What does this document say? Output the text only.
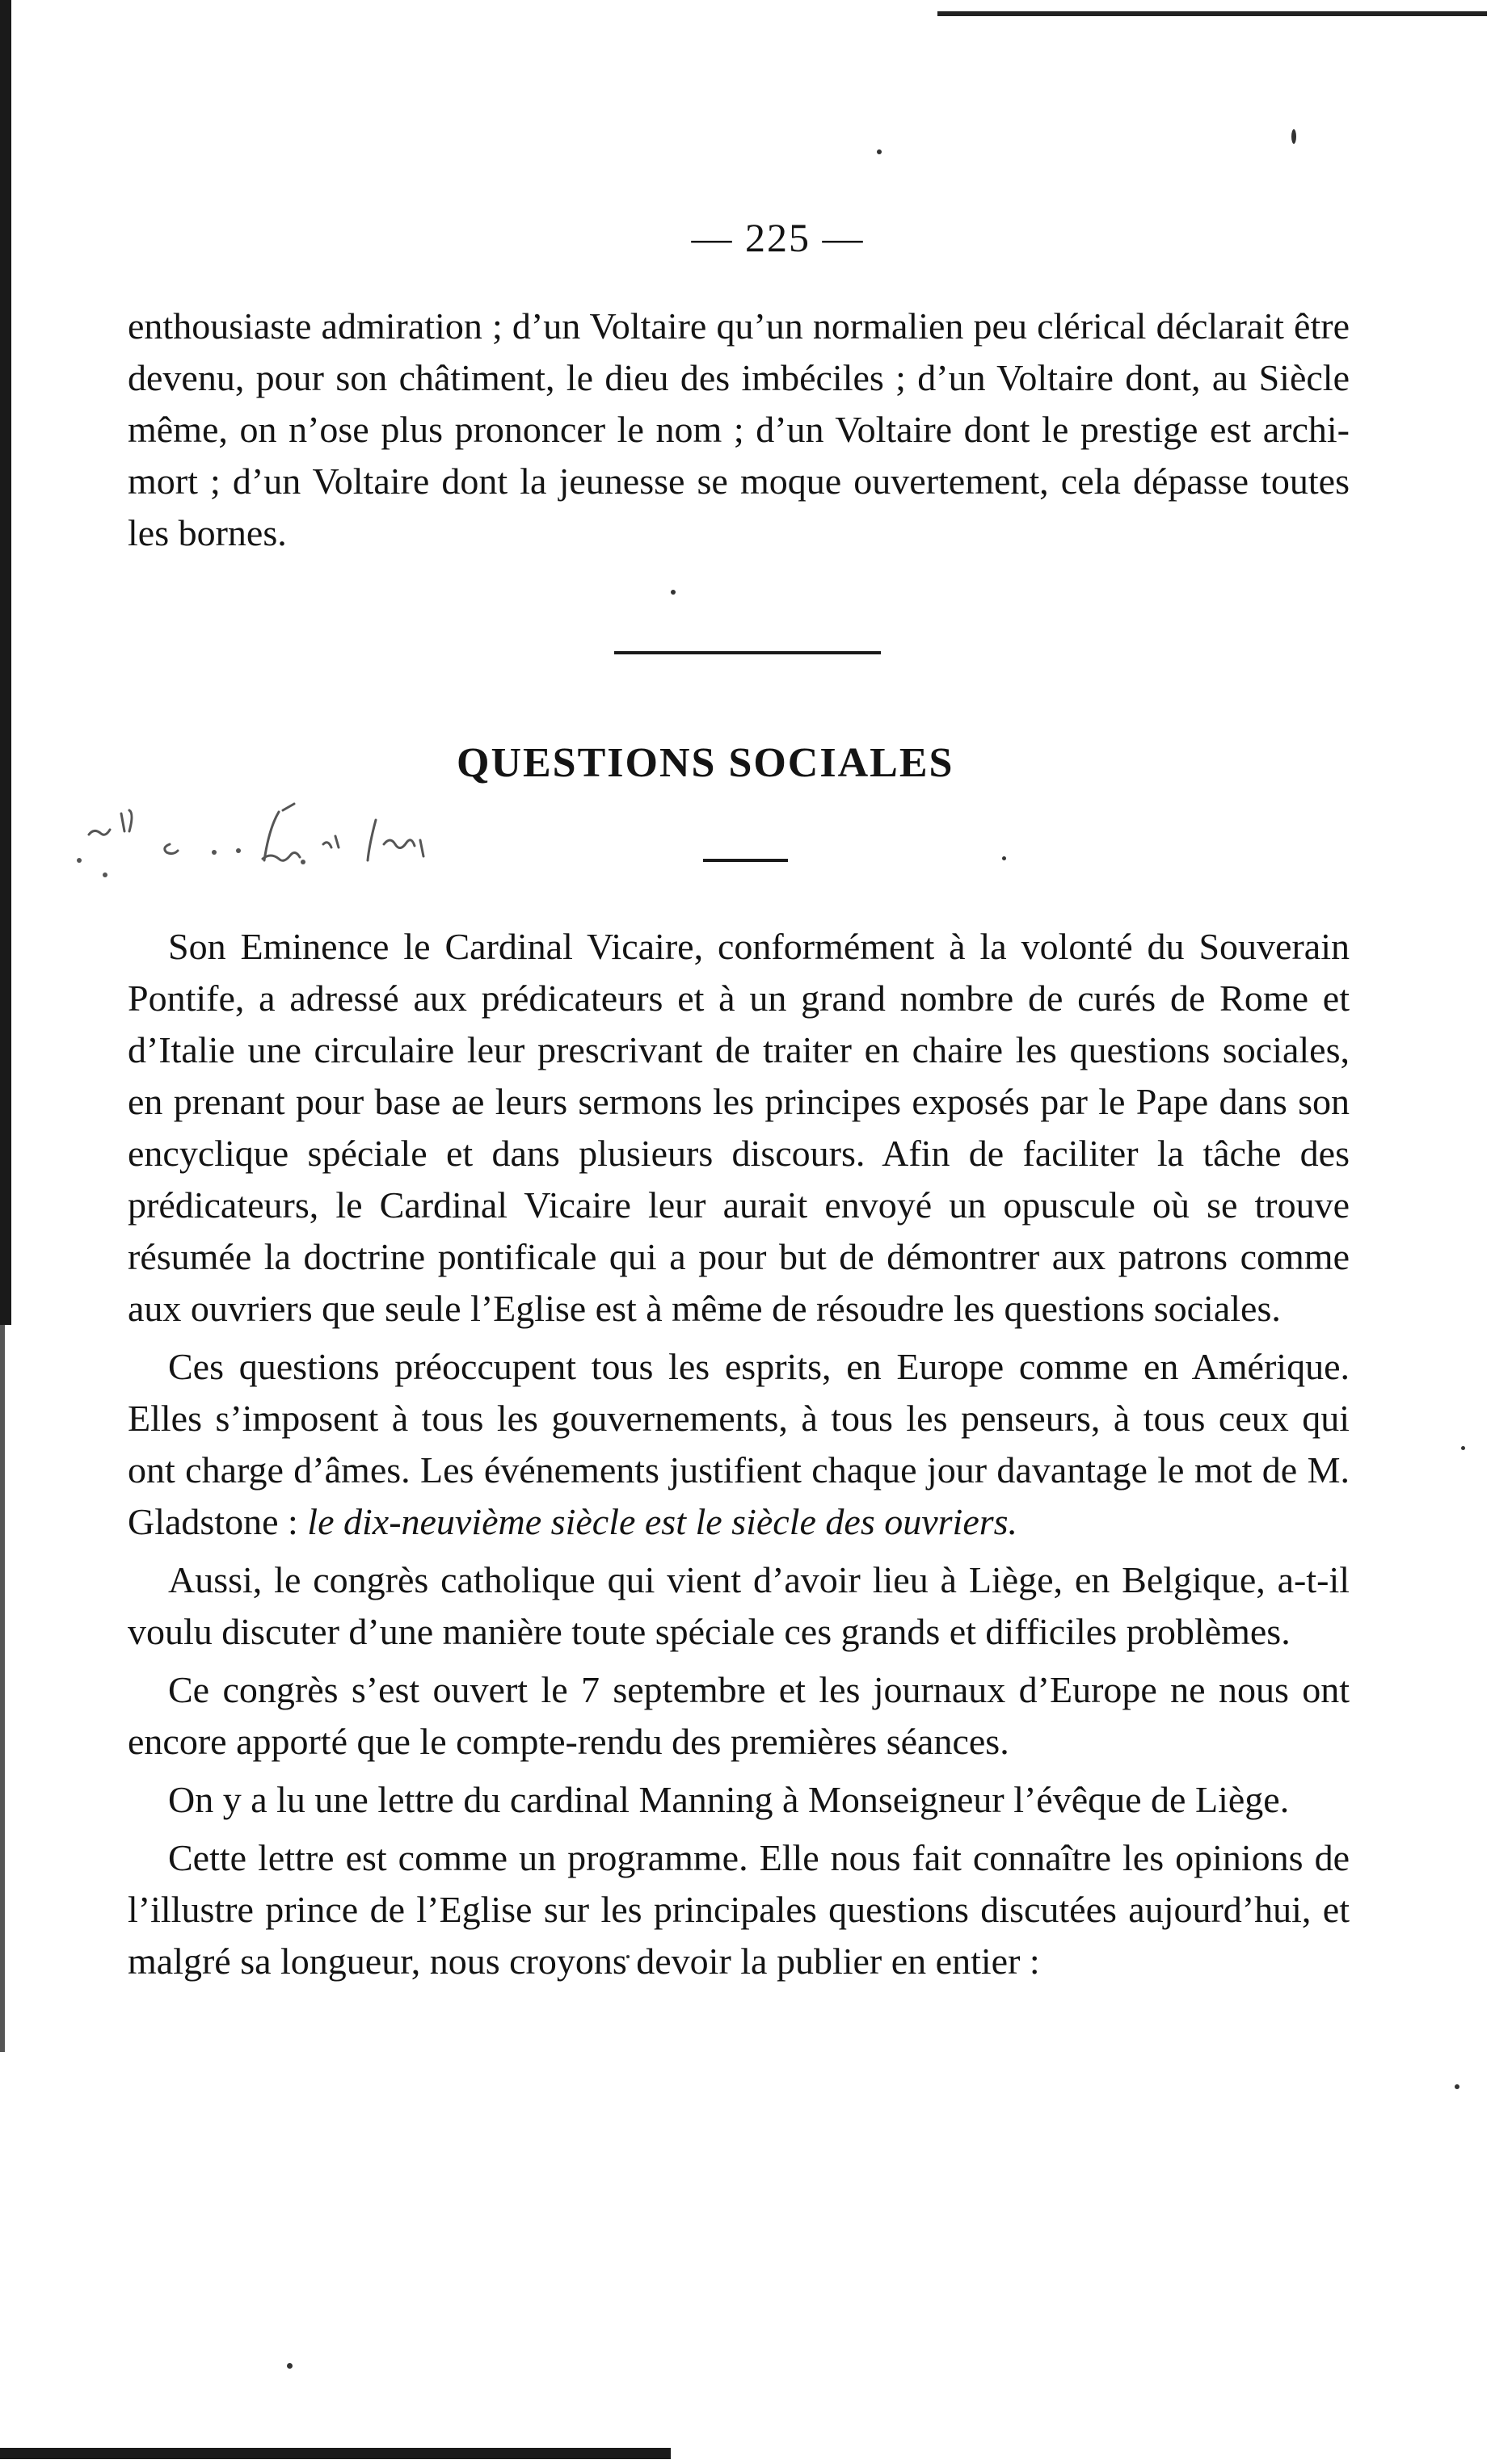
— 225 —

enthousiaste admiration ; d’un Voltaire qu’un normalien peu clérical déclarait être devenu, pour son châtiment, le dieu des imbéciles ; d’un Voltaire dont, au Siècle même, on n’ose plus prononcer le nom ; d’un Voltaire dont le prestige est archi-mort ; d’un Voltaire dont la jeunesse se moque ouvertement, cela dépasse toutes les bornes.

QUESTIONS SOCIALES

Son Eminence le Cardinal Vicaire, conformément à la volonté du Souverain Pontife, a adressé aux prédicateurs et à un grand nombre de curés de Rome et d’Italie une circulaire leur prescrivant de traiter en chaire les questions sociales, en prenant pour base ae leurs sermons les principes exposés par le Pape dans son encyclique spéciale et dans plusieurs discours. Afin de faciliter la tâche des prédicateurs, le Cardinal Vicaire leur aurait envoyé un opuscule où se trouve résumée la doctrine pontificale qui a pour but de démontrer aux patrons comme aux ouvriers que seule l’Eglise est à même de résoudre les questions sociales.

Ces questions préoccupent tous les esprits, en Europe comme en Amérique. Elles s’imposent à tous les gouvernements, à tous les penseurs, à tous ceux qui ont charge d’âmes. Les événements justifient chaque jour davantage le mot de M. Gladstone : le dix-neuvième siècle est le siècle des ouvriers.

Aussi, le congrès catholique qui vient d’avoir lieu à Liège, en Belgique, a-t-il voulu discuter d’une manière toute spéciale ces grands et difficiles problèmes.

Ce congrès s’est ouvert le 7 septembre et les journaux d’Europe ne nous ont encore apporté que le compte-rendu des premières séances.

On y a lu une lettre du cardinal Manning à Monseigneur l’évêque de Liège.

Cette lettre est comme un programme. Elle nous fait connaître les opinions de l’illustre prince de l’Eglise sur les principales questions discutées aujourd’hui, et malgré sa longueur, nous croyons devoir la publier en entier :
